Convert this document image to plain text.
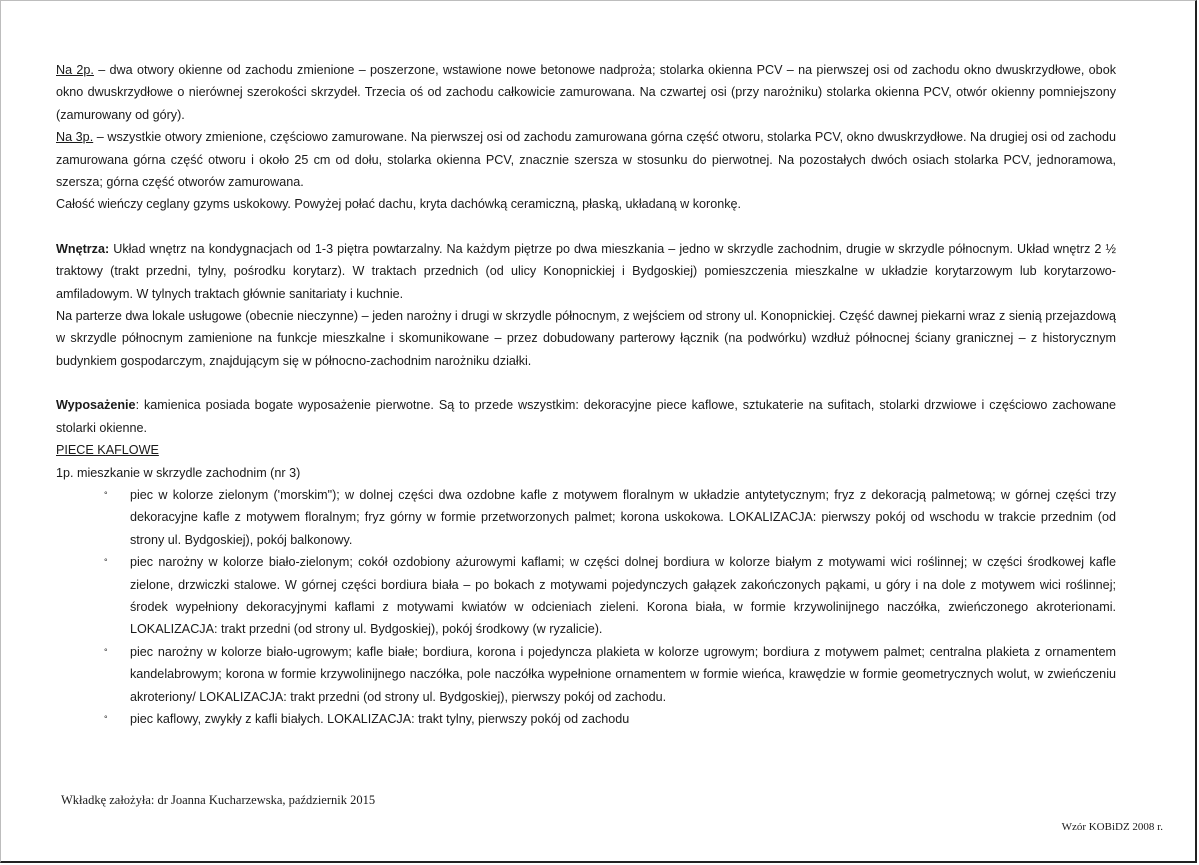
Na 2p. – dwa otwory okienne od zachodu zmienione – poszerzone, wstawione nowe betonowe nadproża; stolarka okienna PCV – na pierwszej osi od zachodu okno dwuskrzydłowe, obok okno dwuskrzydłowe o nierównej szerokości skrzydeł. Trzecia oś od zachodu całkowicie zamurowana. Na czwartej osi (przy narożniku) stolarka okienna PCV, otwór okienny pomniejszony (zamurowany od góry).

Na 3p. – wszystkie otwory zmienione, częściowo zamurowane. Na pierwszej osi od zachodu zamurowana górna część otworu, stolarka PCV, okno dwuskrzydłowe. Na drugiej osi od zachodu zamurowana górna część otworu i około 25 cm od dołu, stolarka okienna PCV, znacznie szersza w stosunku do pierwotnej. Na pozostałych dwóch osiach stolarka PCV, jednoramowa, szersza; górna część otworów zamurowana.

Całość wieńczy ceglany gzyms uskokowy. Powyżej połać dachu, kryta dachówką ceramiczną, płaską, układaną w koronkę.

Wnętrza: Układ wnętrz na kondygnacjach od 1-3 piętra powtarzalny. Na każdym piętrze po dwa mieszkania – jedno w skrzydle zachodnim, drugie w skrzydle północnym. Układ wnętrz 2 ½ traktowy (trakt przedni, tylny, pośrodku korytarz). W traktach przednich (od ulicy Konopnickiej i Bydgoskiej) pomieszczenia mieszkalne w układzie korytarzowym lub korytarzowo-amfiladowym. W tylnych traktach głównie sanitariaty i kuchnie.

Na parterze dwa lokale usługowe (obecnie nieczynne) – jeden narożny i drugi w skrzydle północnym, z wejściem od strony ul. Konopnickiej. Część dawnej piekarni wraz z sienią przejazdową w skrzydle północnym zamienione na funkcje mieszkalne i skomunikowane – przez dobudowany parterowy łącznik (na podwórku) wzdłuż północnej ściany granicznej – z historycznym budynkiem gospodarczym, znajdującym się w północno-zachodnim narożniku działki.

Wyposażenie: kamienica posiada bogate wyposażenie pierwotne. Są to przede wszystkim: dekoracyjne piece kaflowe, sztukaterie na sufitach, stolarki drzwiowe i częściowo zachowane stolarki okienne.

PIECE KAFLOWE

1p. mieszkanie w skrzydle zachodnim (nr 3)

° piec w kolorze zielonym ('morskim"); w dolnej części dwa ozdobne kafle z motywem floralnym w układzie antytetycznym; fryz z dekoracją palmetową; w górnej części trzy dekoracyjne kafle z motywem floralnym; fryz górny w formie przetworzonych palmet; korona uskokowa. LOKALIZACJA: pierwszy pokój od wschodu w trakcie przednim (od strony ul. Bydgoskiej), pokój balkonowy.
° piec narożny w kolorze biało-zielonym; cokół ozdobiony ażurowymi kaflami; w części dolnej bordiura w kolorze białym z motywami wici roślinnej; w części środkowej kafle zielone, drzwiczki stalowe. W górnej części bordiura biała – po bokach z motywami pojedynczych gałązek zakończonych pąkami, u góry i na dole z motywem wici roślinnej; środek wypełniony dekoracyjnymi kaflami z motywami kwiatów w odcieniach zieleni. Korona biała, w formie krzywolinijnego naczółka, zwieńczonego akroterionami. LOKALIZACJA: trakt przedni (od strony ul. Bydgoskiej), pokój środkowy (w ryzalicie).
° piec narożny w kolorze biało-ugrowym; kafle białe; bordiura, korona i pojedyncza plakieta w kolorze ugrowym; bordiura z motywem palmet; centralna plakieta z ornamentem kandelabrowym; korona w formie krzywolinijnego naczółka, pole naczółka wypełnione ornamentem w formie wieńca, krawędzie w formie geometrycznych wolut, w zwieńczeniu akroteriony/ LOKALIZACJA: trakt przedni (od strony ul. Bydgoskiej), pierwszy pokój od zachodu.
° piec kaflowy, zwykły z kafli białych. LOKALIZACJA: trakt tylny, pierwszy pokój od zachodu
Wkładkę założyła: dr Joanna Kucharzewska, październik 2015
Wzór KOBiDZ 2008 r.
